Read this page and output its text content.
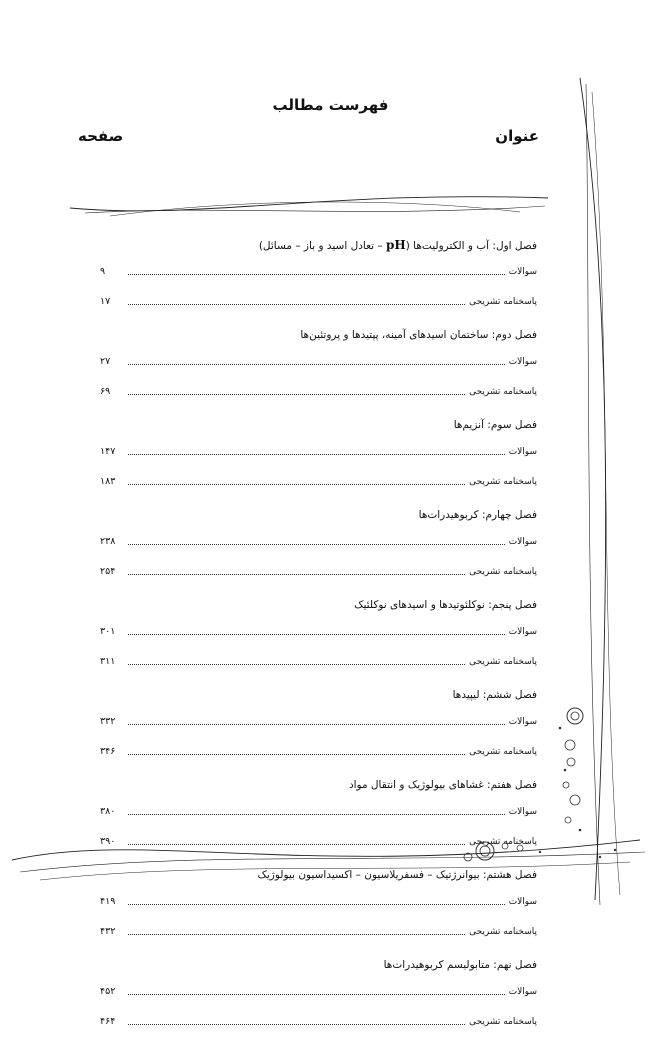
فهرست مطالب
عنوان
صفحه
فصل اول: آب و الکترولیت‌ها (pH – تعادل اسید و باز – مسائل)
سوالات
۹
پاسخنامه تشریحی
۱۷
فصل دوم: ساختمان اسیدهای آمینه، پپتیدها و پروتئین‌ها
سوالات
۲۷
پاسخنامه تشریحی
۶۹
فصل سوم: آنزیم‌ها
سوالات
۱۴۷
پاسخنامه تشریحی
۱۸۳
فصل چهارم: کربوهیدرات‌ها
سوالات
۲۳۸
پاسخنامه تشریحی
۲۵۴
فصل پنجم: نوکلئوتیدها و اسیدهای نوکلئیک
سوالات
۳۰۱
پاسخنامه تشریحی
۳۱۱
فصل ششم: لیپیدها
سوالات
۳۳۲
پاسخنامه تشریحی
۳۴۶
فصل هفتم: غشاهای بیولوژیک و انتقال مواد
سوالات
۳۸۰
پاسخنامه تشریحی
۳۹۰
فصل هشتم: بیوانرژتیک – فسفریلاسیون – اکسیداسیون بیولوژیک
سوالات
۴۱۹
پاسخنامه تشریحی
۴۳۲
فصل نهم: متابولیسم کربوهیدرات‌ها
سوالات
۴۵۲
پاسخنامه تشریحی
۴۶۴
